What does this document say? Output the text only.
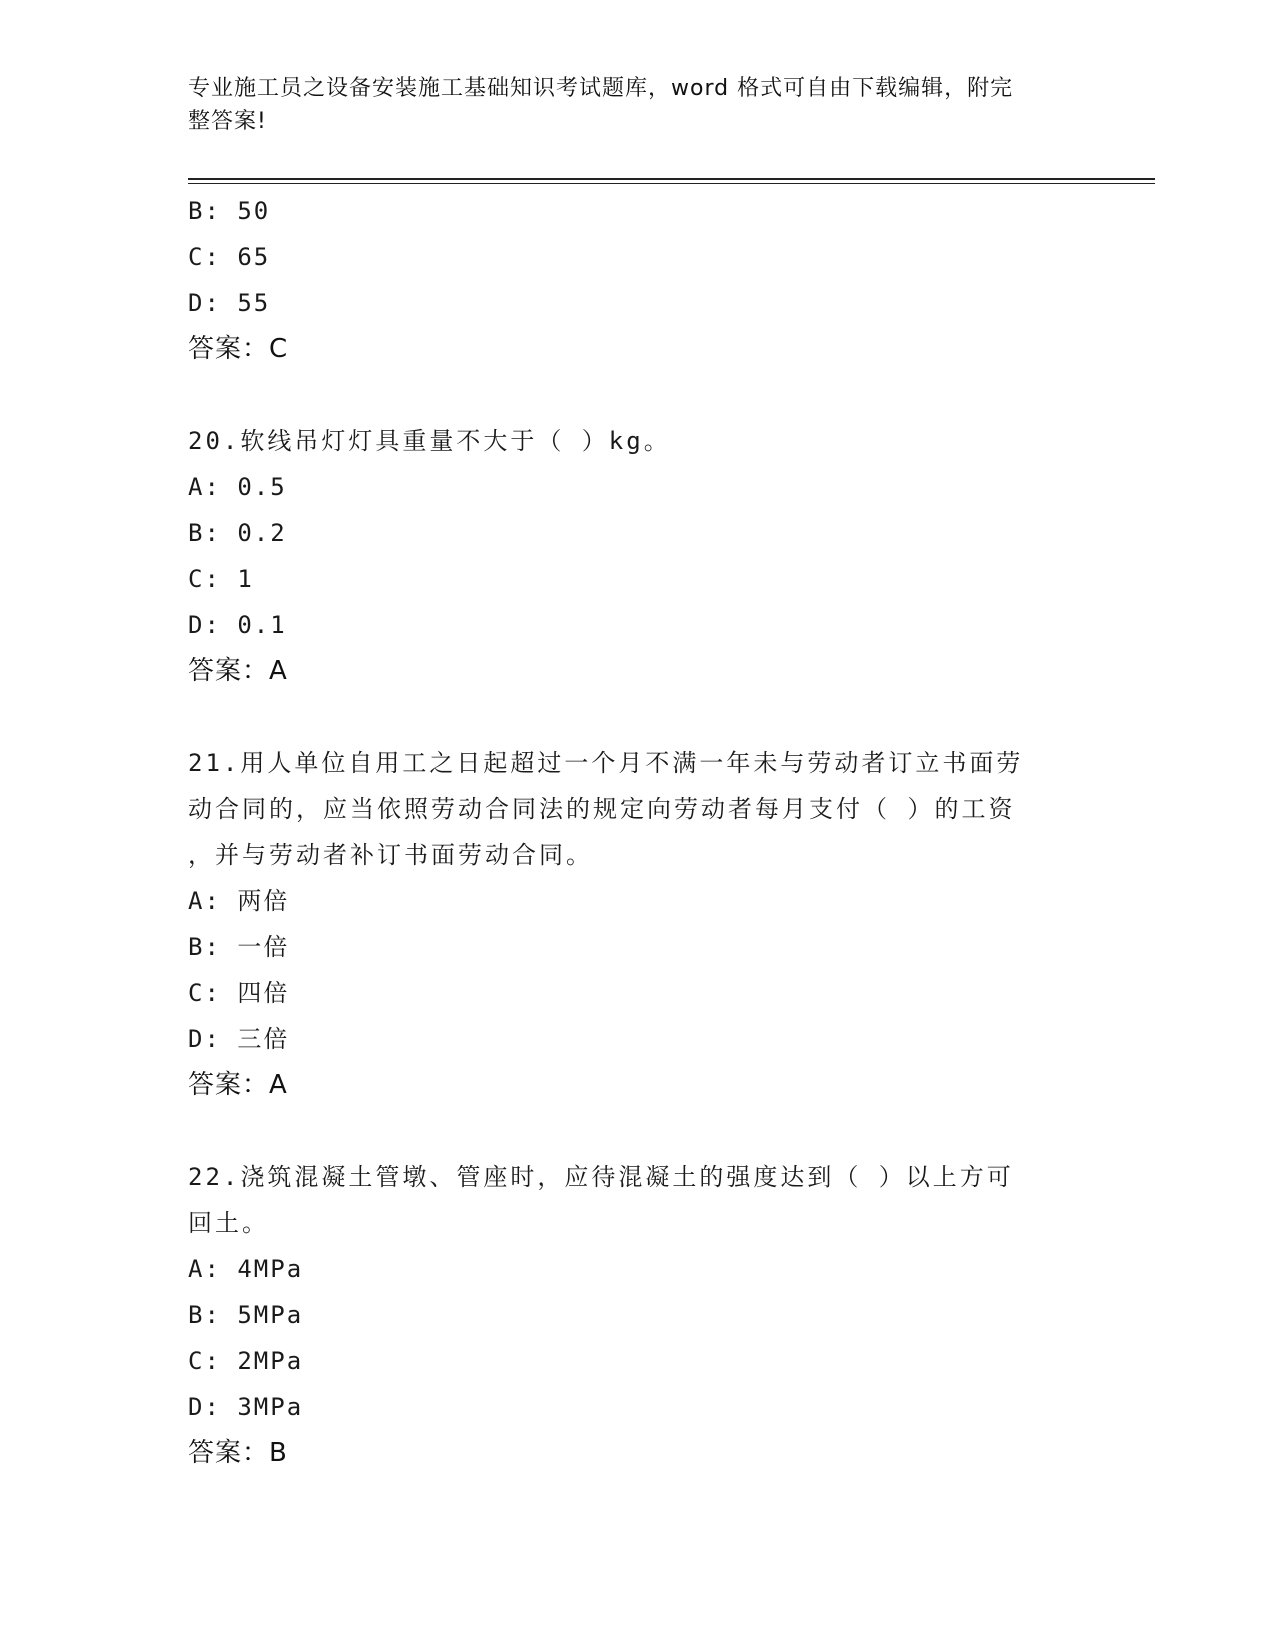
专业施工员之设备安装施工基础知识考试题库，word 格式可自由下载编辑，附完
整答案!
B: 50
C: 65
D: 55
答案：C
20.软线吊灯灯具重量不大于（ ）kg。
A: 0.5
B: 0.2
C: 1
D: 0.1
答案：A
21.用人单位自用工之日起超过一个月不满一年未与劳动者订立书面劳
动合同的，应当依照劳动合同法的规定向劳动者每月支付（ ）的工资
，并与劳动者补订书面劳动合同。
A: 两倍
B: 一倍
C: 四倍
D: 三倍
答案：A
22.浇筑混凝土管墩、管座时，应待混凝土的强度达到（ ）以上方可
回土。
A: 4MPa
B: 5MPa
C: 2MPa
D: 3MPa
答案：B
